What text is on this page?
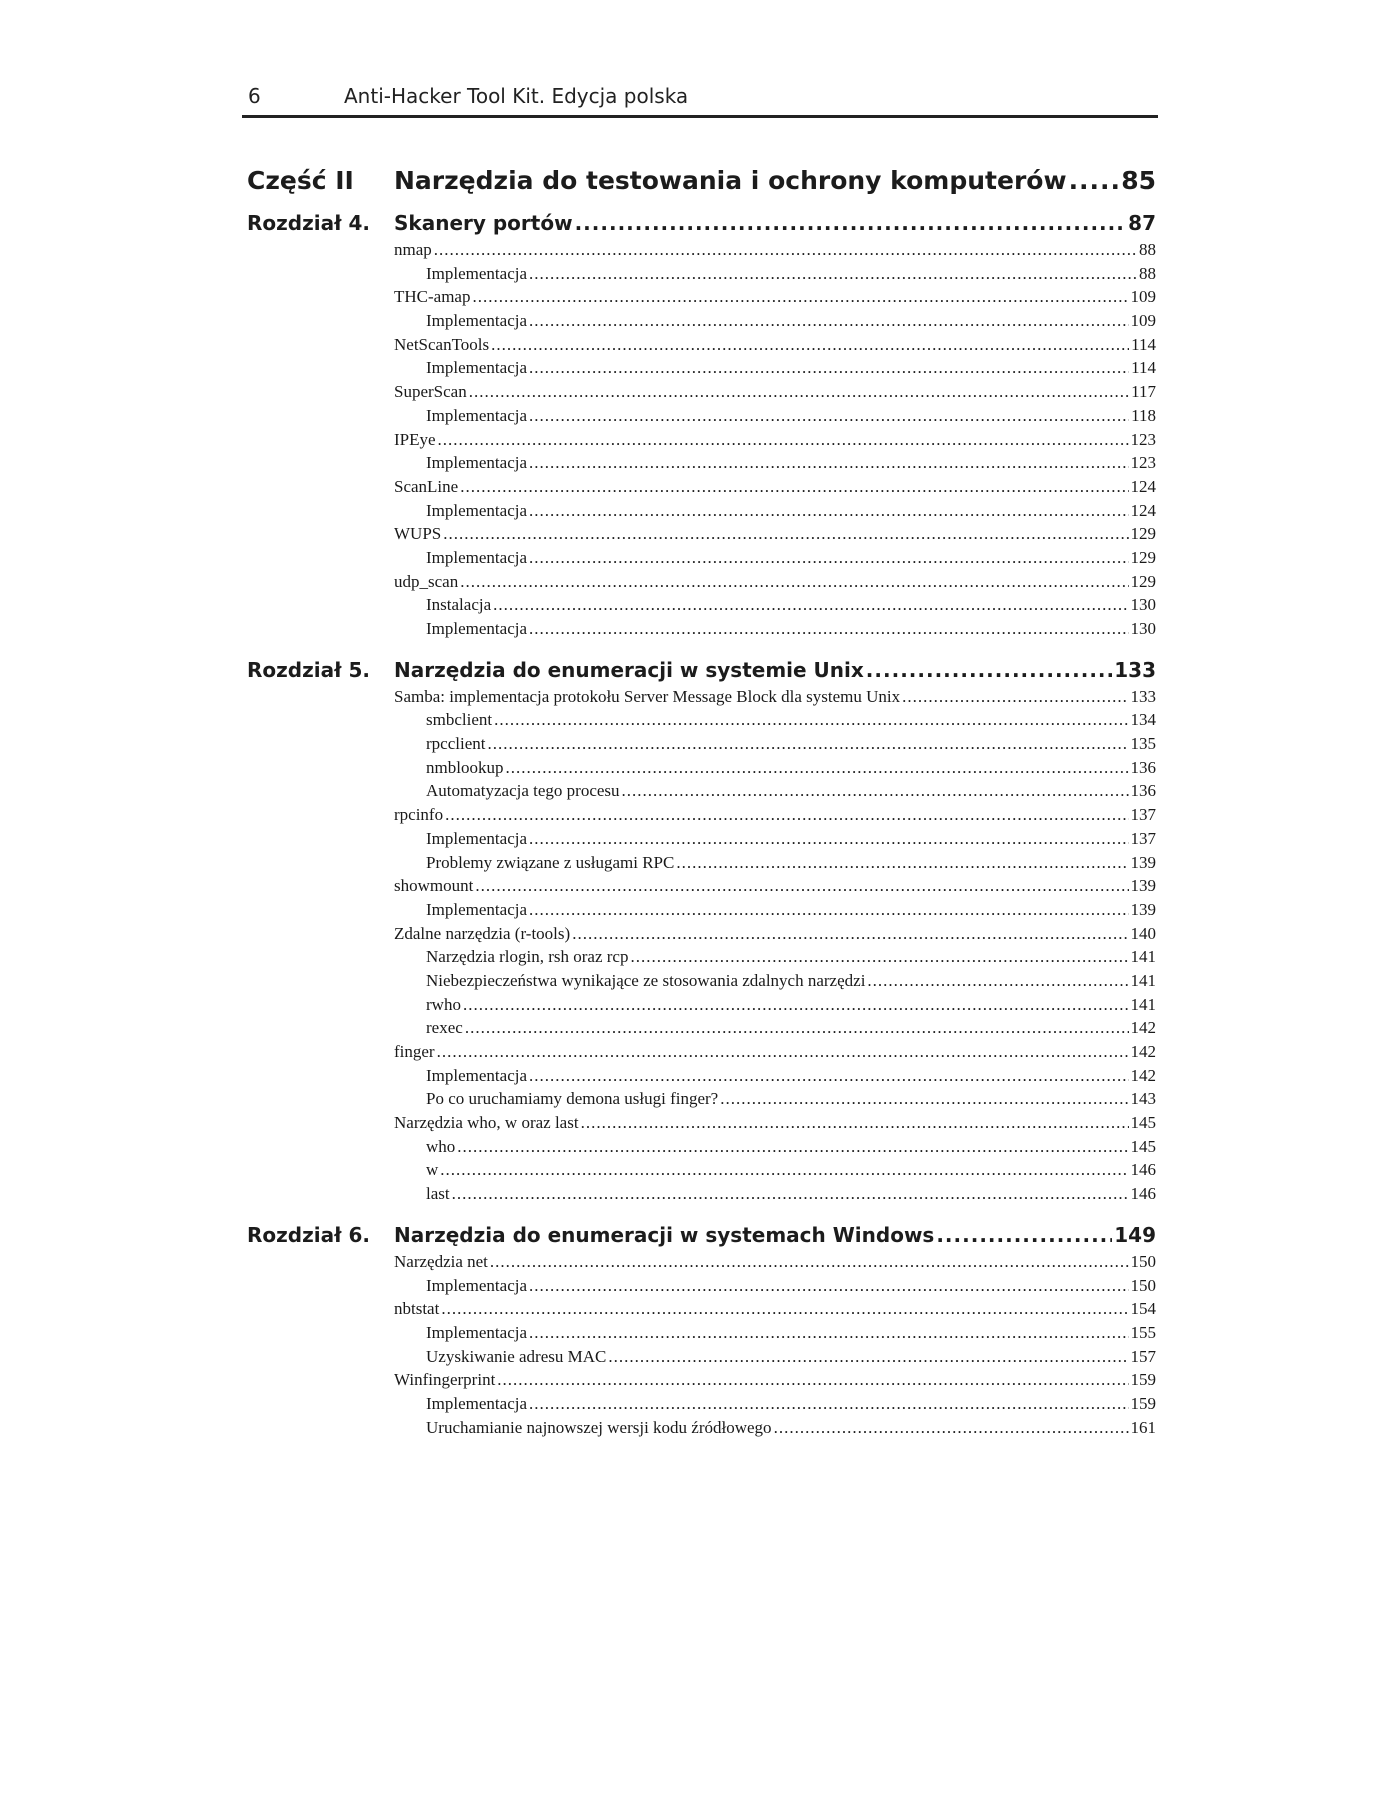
6	Anti-Hacker Tool Kit. Edycja polska
Część II Narzędzia do testowania i ochrony komputerów ..... 85
Rozdział 4. Skanery portów .....	87
nmap .....	88
Implementacja .....	88
THC-amap .....	109
Implementacja .....	109
NetScanTools .....	114
Implementacja .....	114
SuperScan .....	117
Implementacja .....	118
IPEye .....	123
Implementacja .....	123
ScanLine .....	124
Implementacja .....	124
WUPS .....	129
Implementacja .....	129
udp_scan .....	129
Instalacja .....	130
Implementacja .....	130
Rozdział 5. Narzędzia do enumeracji w systemie Unix .....	133
Samba: implementacja protokołu Server Message Block dla systemu Unix .....	133
smbclient .....	134
rpcclient .....	135
nmblookup .....	136
Automatyzacja tego procesu .....	136
rpcinfo .....	137
Implementacja .....	137
Problemy związane z usługami RPC .....	139
showmount .....	139
Implementacja .....	139
Zdalne narzędzia (r-tools) .....	140
Narzędzia rlogin, rsh oraz rcp .....	141
Niebezpieczeństwa wynikające ze stosowania zdalnych narzędzi .....	141
rwho .....	141
rexec .....	142
finger .....	142
Implementacja .....	142
Po co uruchamiamy demona usługi finger? .....	143
Narzędzia who, w oraz last .....	145
who .....	145
w .....	146
last .....	146
Rozdział 6. Narzędzia do enumeracji w systemach Windows .....	149
Narzędzia net .....	150
Implementacja .....	150
nbtstat .....	154
Implementacja .....	155
Uzyskiwanie adresu MAC .....	157
Winfingerprint .....	159
Implementacja .....	159
Uruchamianie najnowszej wersji kodu źródłowego .....	161
